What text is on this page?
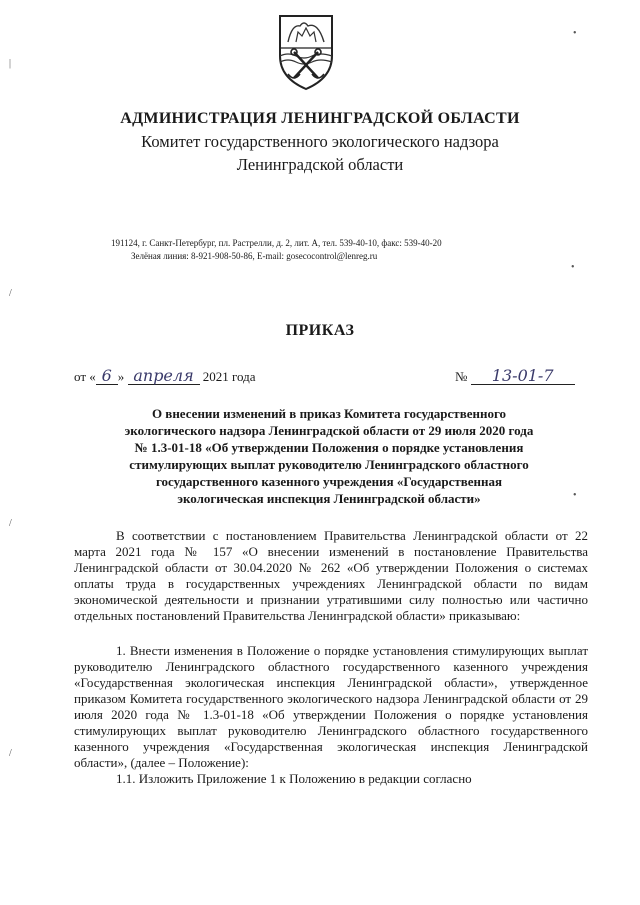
АДМИНИСТРАЦИЯ ЛЕНИНГРАДСКОЙ ОБЛАСТИ
Комитет государственного экологического надзора
Ленинградской области
191124, г. Санкт-Петербург, пл. Растрелли, д. 2, лит. А, тел. 539-40-10, факс: 539-40-20
Зелёная линия: 8-921-908-50-86, E-mail: gosecocontrol@lenreg.ru
ПРИКАЗ
от « 6 » апреля 2021 года	№ 13-01-7
О внесении изменений в приказ Комитета государственного
экологического надзора Ленинградской области от 29 июля 2020 года
№ 1.3-01-18 «Об утверждении Положения о порядке установления
стимулирующих выплат руководителю Ленинградского областного
государственного казенного учреждения «Государственная
экологическая инспекция Ленинградской области»

В соответствии с постановлением Правительства Ленинградской области от 22 марта 2021 года № 157 «О внесении изменений в постановление Правительства Ленинградской области от 30.04.2020 № 262 «Об утверждении Положения о системах оплаты труда в государственных учреждениях Ленинградской области по видам экономической деятельности и признании утратившими силу полностью или частично отдельных постановлений Правительства Ленинградской области» приказываю:

1. Внести изменения в Положение о порядке установления стимулирующих выплат руководителю Ленинградского областного государственного казенного учреждения «Государственная экологическая инспекция Ленинградской области», утвержденное приказом Комитета государственного экологического надзора Ленинградской области от 29 июля 2020 года № 1.3-01-18 «Об утверждении Положения о порядке установления стимулирующих выплат руководителю Ленинградского областного государственного казенного учреждения «Государственная экологическая инспекция Ленинградской области», (далее – Положение):

1.1. Изложить Приложение 1 к Положению в редакции согласно

•
•
•
|
/
/
/
